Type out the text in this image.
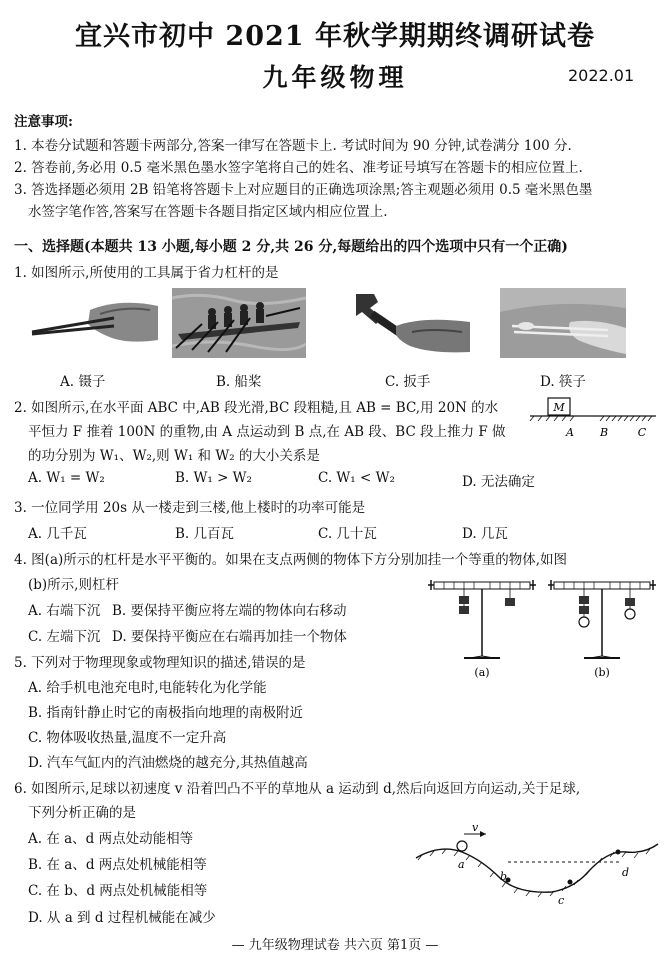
宜兴市初中 2021 年秋学期期终调研试卷
九年级物理	2022.01
注意事项:
1. 本卷分试题和答题卡两部分,答案一律写在答题卡上. 考试时间为 90 分钟,试卷满分 100 分.
2. 答卷前,务必用 0.5 毫米黑色墨水签字笔将自己的姓名、准考证号填写在答题卡的相应位置上.
3. 答选择题必须用 2B 铅笔将答题卡上对应题目的正确选项涂黑;答主观题必须用 0.5 毫米黑色墨
水签字笔作答,答案写在答题卡各题目指定区域内相应位置上.
一、选择题(本题共 13 小题,每小题 2 分,共 26 分,每题给出的四个选项中只有一个正确)
1. 如图所示,所使用的工具属于省力杠杆的是
A. 镊子	B. 船桨	C. 扳手	D. 筷子
2. 如图所示,在水平面 ABC 中,AB 段光滑,BC 段粗糙,且 AB = BC,用 20N 的水
平恒力 F 推着 100N 的重物,由 A 点运动到 B 点,在 AB 段、BC 段上推力 F 做
的功分别为 W₁、W₂,则 W₁ 和 W₂ 的大小关系是
A. W₁ = W₂	B. W₁ > W₂	C. W₁ < W₂	D. 无法确定
M
A B	C
3. 一位同学用 20s 从一楼走到三楼,他上楼时的功率可能是
A. 几千瓦	B. 几百瓦	C. 几十瓦	D. 几瓦
4. 图(a)所示的杠杆是水平平衡的。如果在支点两侧的物体下方分别加挂一个等重的物体,如图
(b)所示,则杠杆
A. 右端下沉 B. 要保持平衡应将左端的物体向右移动
C. 左端下沉 D. 要保持平衡应在右端再加挂一个物体
(a)	(b)
5. 下列对于物理现象或物理知识的描述,错误的是
A. 给手机电池充电时,电能转化为化学能
B. 指南针静止时它的南极指向地理的南极附近
C. 物体吸收热量,温度不一定升高
D. 汽车气缸内的汽油燃烧的越充分,其热值越高
6. 如图所示,足球以初速度 v 沿着凹凸不平的草地从 a 运动到 d,然后向返回方向运动,关于足球,
下列分析正确的是
A. 在 a、d 两点处动能相等
B. 在 a、d 两点处机械能相等
C. 在 b、d 两点处机械能相等
D. 从 a 到 d 过程机械能在减少
v
a
b
c
d
— 九年级物理试卷 共六页 第1页 —
